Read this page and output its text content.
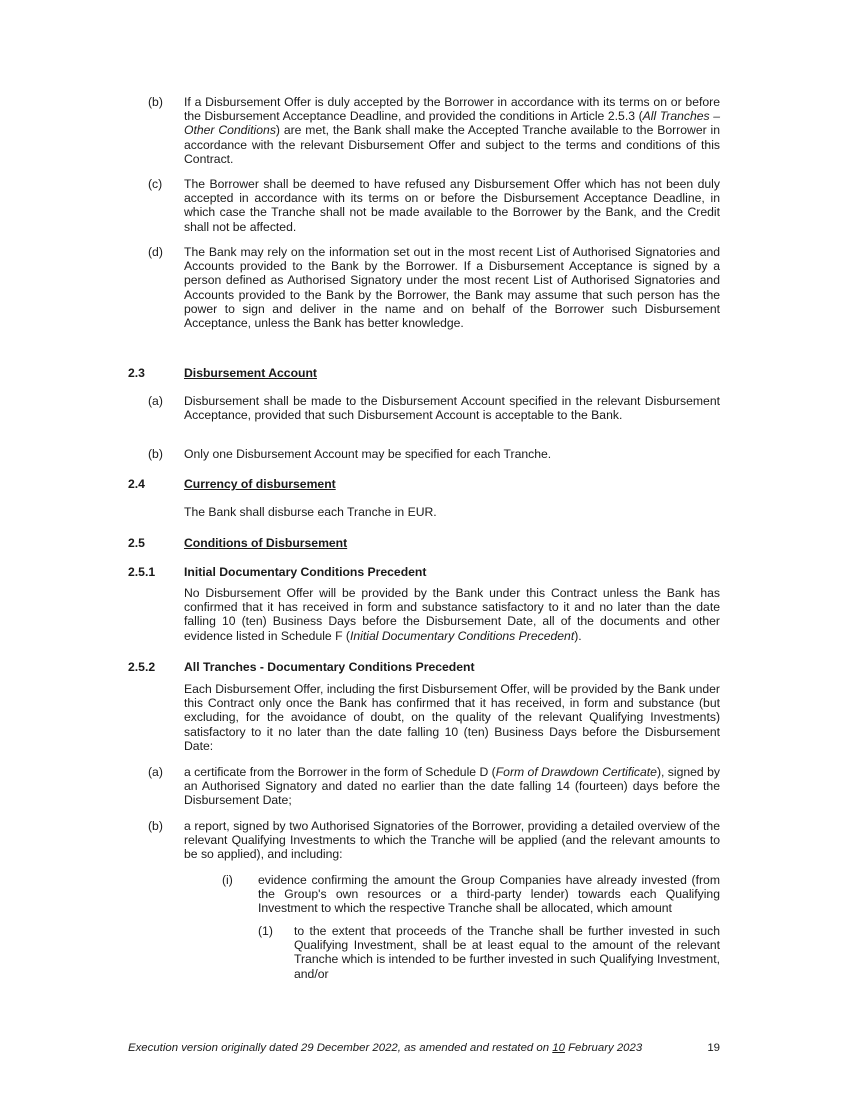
(b) If a Disbursement Offer is duly accepted by the Borrower in accordance with its terms on or before the Disbursement Acceptance Deadline, and provided the conditions in Article 2.5.3 (All Tranches – Other Conditions) are met, the Bank shall make the Accepted Tranche available to the Borrower in accordance with the relevant Disbursement Offer and subject to the terms and conditions of this Contract.

(c) The Borrower shall be deemed to have refused any Disbursement Offer which has not been duly accepted in accordance with its terms on or before the Disbursement Acceptance Deadline, in which case the Tranche shall not be made available to the Borrower by the Bank, and the Credit shall not be affected.

(d) The Bank may rely on the information set out in the most recent List of Authorised Signatories and Accounts provided to the Bank by the Borrower. If a Disbursement Acceptance is signed by a person defined as Authorised Signatory under the most recent List of Authorised Signatories and Accounts provided to the Bank by the Borrower, the Bank may assume that such person has the power to sign and deliver in the name and on behalf of the Borrower such Disbursement Acceptance, unless the Bank has better knowledge.

2.3	Disbursement Account
(a) Disbursement shall be made to the Disbursement Account specified in the relevant Disbursement Acceptance, provided that such Disbursement Account is acceptable to the Bank.

(b) Only one Disbursement Account may be specified for each Tranche.

2.4	Currency of disbursement

The Bank shall disburse each Tranche in EUR.

2.5	Conditions of Disbursement
2.5.1	Initial Documentary Conditions Precedent

No Disbursement Offer will be provided by the Bank under this Contract unless the Bank has confirmed that it has received in form and substance satisfactory to it and no later than the date falling 10 (ten) Business Days before the Disbursement Date, all of the documents and other evidence listed in Schedule F (Initial Documentary Conditions Precedent).

2.5.2	All Tranches - Documentary Conditions Precedent

Each Disbursement Offer, including the first Disbursement Offer, will be provided by the Bank under this Contract only once the Bank has confirmed that it has received, in form and substance (but excluding, for the avoidance of doubt, on the quality of the relevant Qualifying Investments) satisfactory to it no later than the date falling 10 (ten) Business Days before the Disbursement Date:

(a) a certificate from the Borrower in the form of Schedule D (Form of Drawdown Certificate), signed by an Authorised Signatory and dated no earlier than the date falling 14 (fourteen) days before the Disbursement Date;

(b) a report, signed by two Authorised Signatories of the Borrower, providing a detailed overview of the relevant Qualifying Investments to which the Tranche will be applied (and the relevant amounts to be so applied), and including:

(i) evidence confirming the amount the Group Companies have already invested (from the Group's own resources or a third-party lender) towards each Qualifying Investment to which the respective Tranche shall be allocated, which amount

(1) to the extent that proceeds of the Tranche shall be further invested in such Qualifying Investment, shall be at least equal to the amount of the relevant Tranche which is intended to be further invested in such Qualifying Investment, and/or

Execution version originally dated 29 December 2022, as amended and restated on 10 February 2023	19
